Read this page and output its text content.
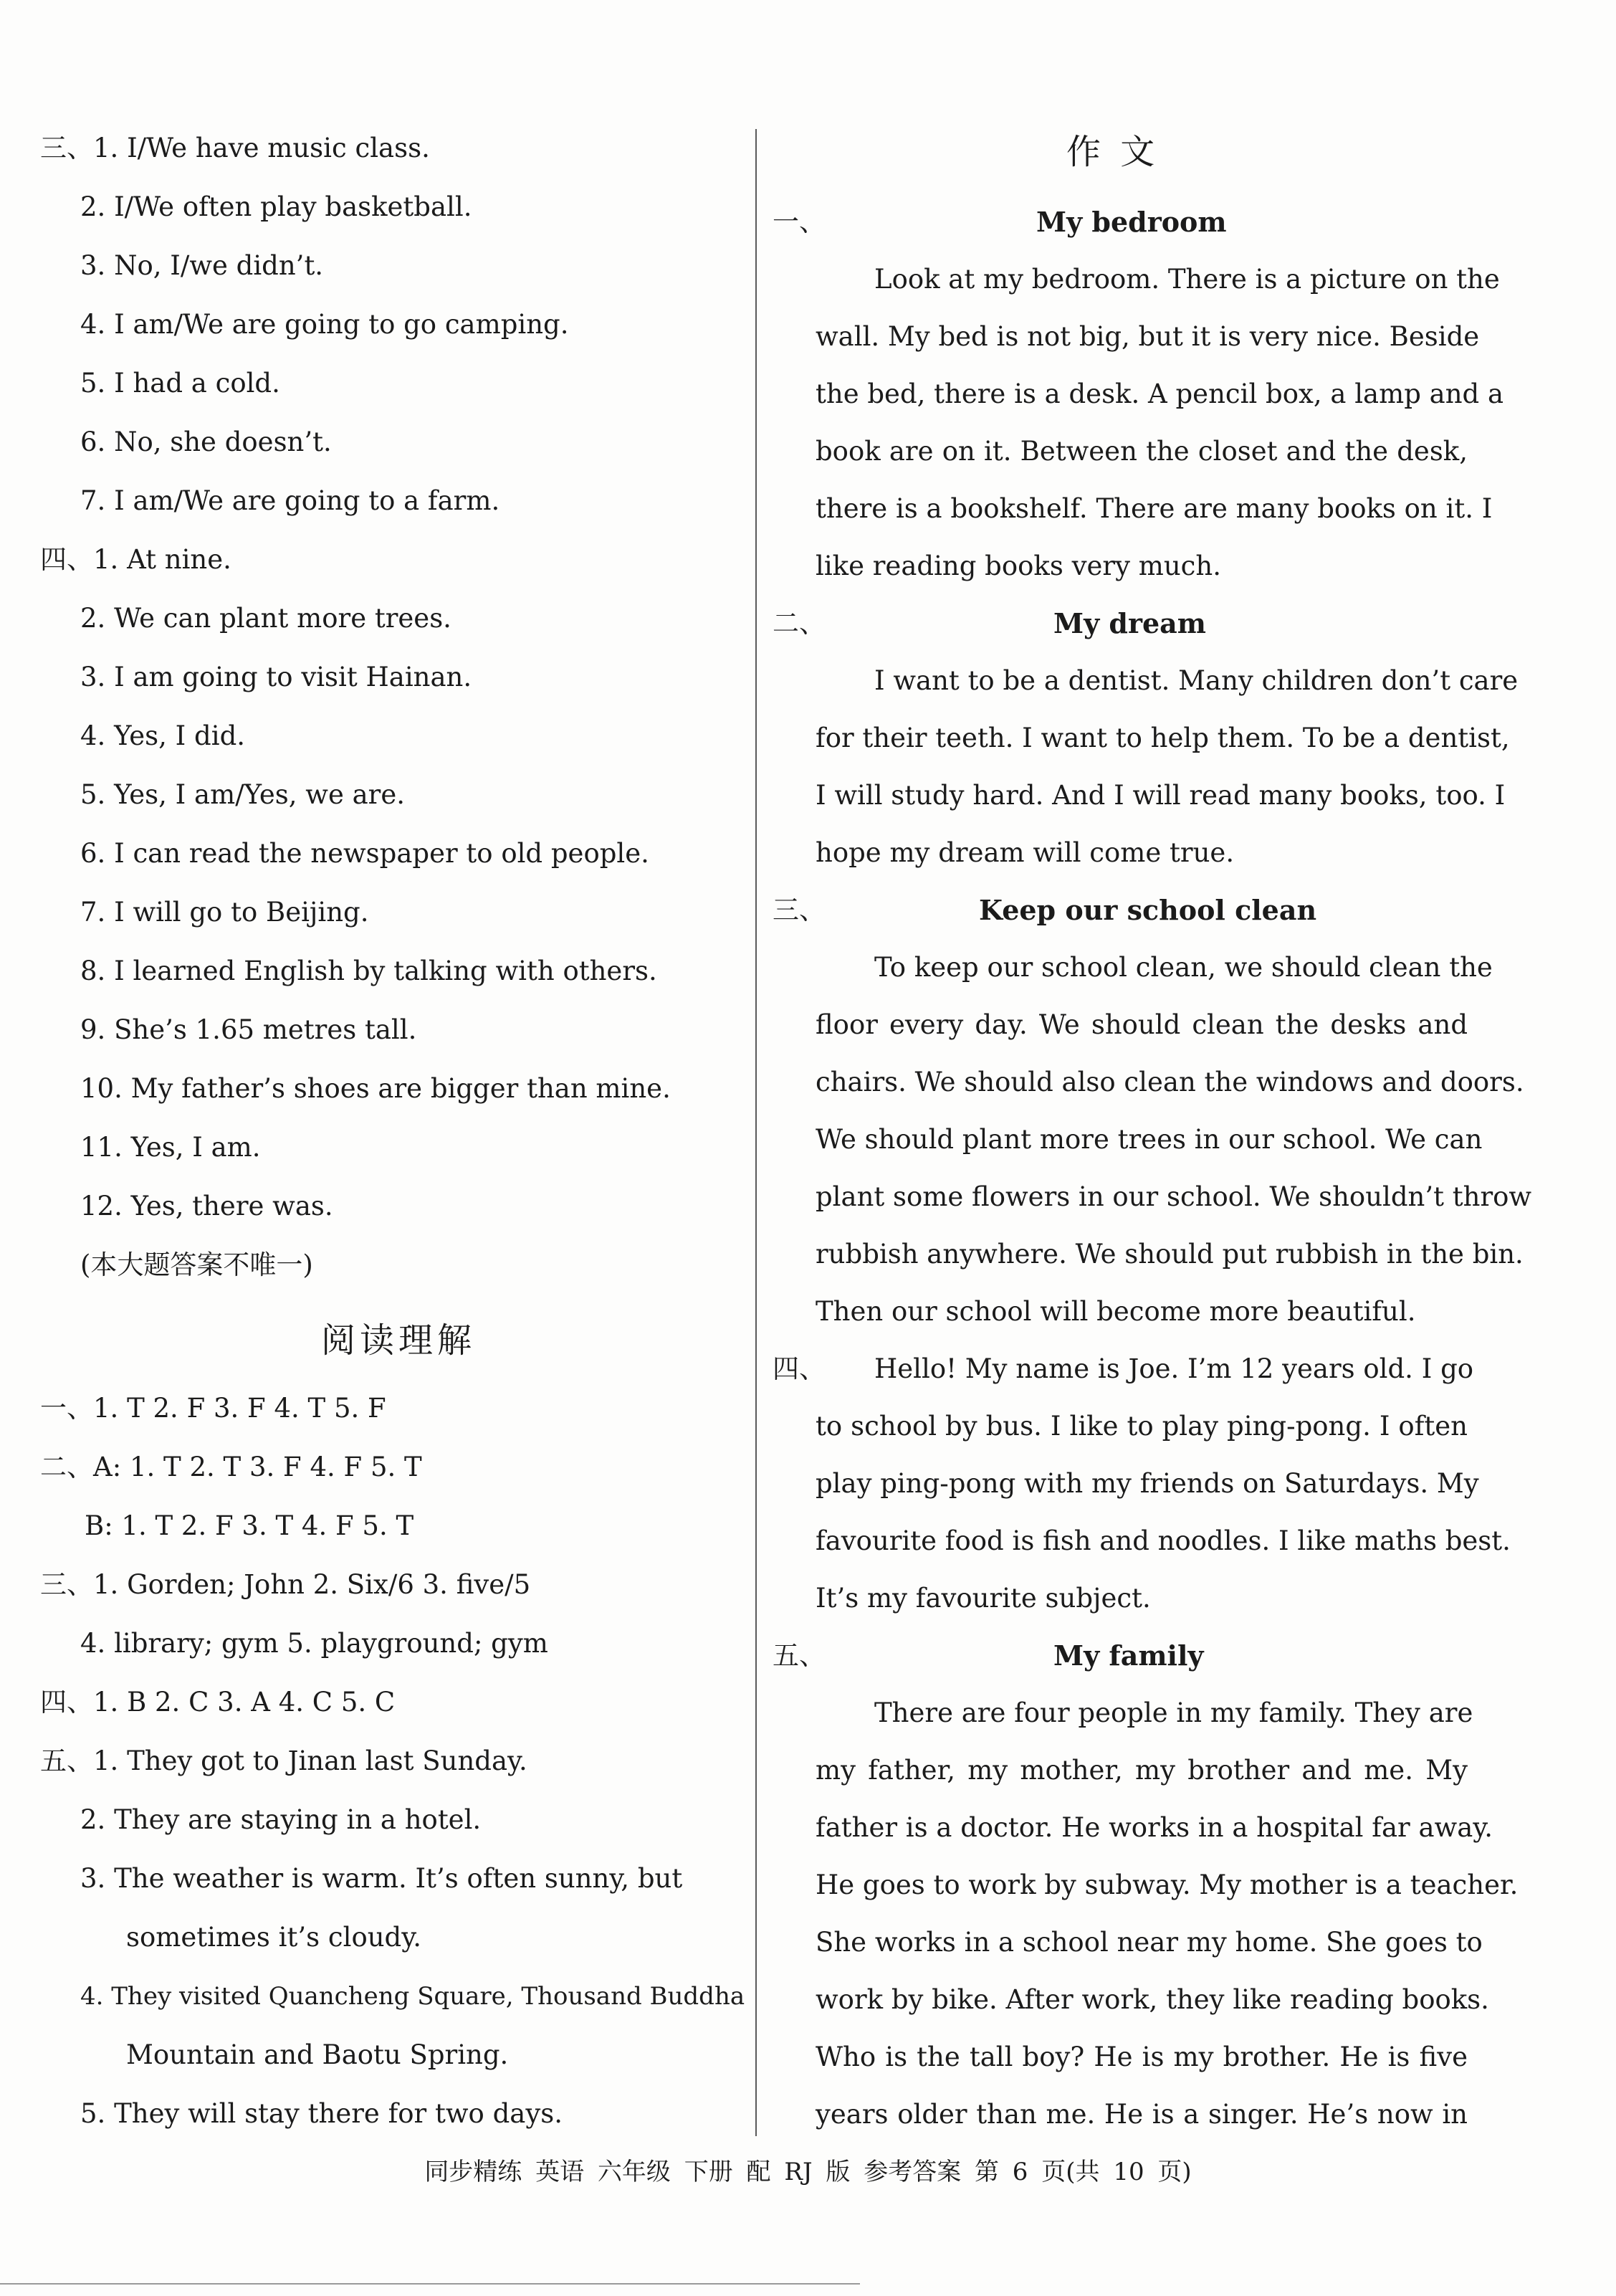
三、1. I/We have music class.
2. I/We often play basketball.
3. No, I/we didn’t.
4. I am/We are going to go camping.
5. I had a cold.
6. No, she doesn’t.
7. I am/We are going to a farm.
四、1. At nine.
2. We can plant more trees.
3. I am going to visit Hainan.
4. Yes, I did.
5. Yes, I am/Yes, we are.
6. I can read the newspaper to old people.
7. I will go to Beijing.
8. I learned English by talking with others.
9. She’s 1.65 metres tall.
10. My father’s shoes are bigger than mine.
11. Yes, I am.
12. Yes, there was.
(本大题答案不唯一)
阅读理解
一、1. T 2. F 3. F 4. T 5. F
二、A: 1. T 2. T 3. F 4. F 5. T
B: 1. T 2. F 3. T 4. F 5. T
三、1. Gorden; John 2. Six/6 3. five/5
4. library; gym 5. playground; gym
四、1. B 2. C 3. A 4. C 5. C
五、1. They got to Jinan last Sunday.
2. They are staying in a hotel.
3. The weather is warm. It’s often sunny, but
sometimes it’s cloudy.
4. They visited Quancheng Square, Thousand Buddha
Mountain and Baotu Spring.
5. They will stay there for two days.
作 文
一、	My bedroom
Look at my bedroom. There is a picture on the
wall. My bed is not big, but it is very nice. Beside
the bed, there is a desk. A pencil box, a lamp and a
book are on it. Between the closet and the desk,
there is a bookshelf. There are many books on it. I
like reading books very much.
二、	My dream
I want to be a dentist. Many children don’t care
for their teeth. I want to help them. To be a dentist,
I will study hard. And I will read many books, too. I
hope my dream will come true.
三、	Keep our school clean
To keep our school clean, we should clean the
floor every day. We should clean the desks and
chairs. We should also clean the windows and doors.
We should plant more trees in our school. We can
plant some flowers in our school. We shouldn’t throw
rubbish anywhere. We should put rubbish in the bin.
Then our school will become more beautiful.
四、	Hello! My name is Joe. I’m 12 years old. I go
to school by bus. I like to play ping-pong. I often
play ping-pong with my friends on Saturdays. My
favourite food is fish and noodles. I like maths best.
It’s my favourite subject.
五、	My family
There are four people in my family. They are
my father, my mother, my brother and me. My
father is a doctor. He works in a hospital far away.
He goes to work by subway. My mother is a teacher.
She works in a school near my home. She goes to
work by bike. After work, they like reading books.
Who is the tall boy? He is my brother. He is five
years older than me. He is a singer. He’s now in
同步精练 英语 六年级 下册 配 RJ 版 参考答案 第 6 页(共 10 页)
